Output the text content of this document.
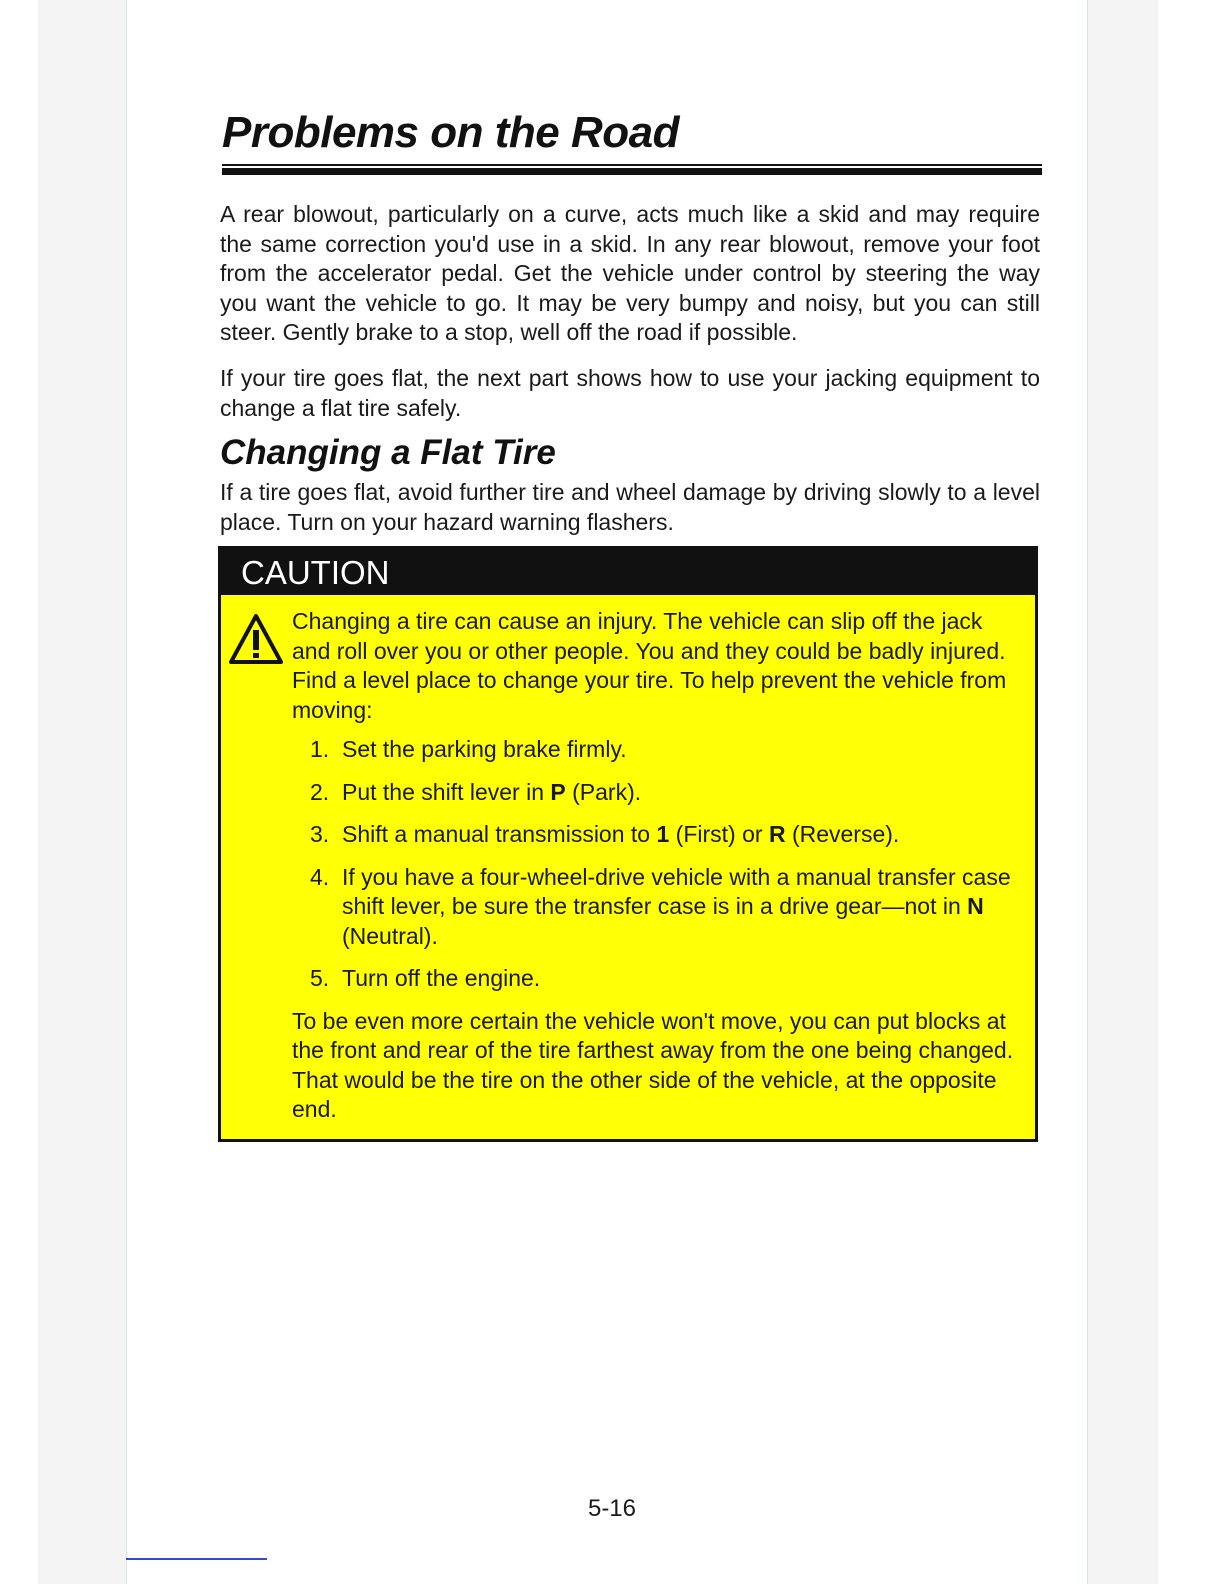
Problems on the Road

A rear blowout, particularly on a curve, acts much like a skid and may require the same correction you'd use in a skid. In any rear blowout, remove your foot from the accelerator pedal. Get the vehicle under control by steering the way you want the vehicle to go. It may be very bumpy and noisy, but you can still steer. Gently brake to a stop, well off the road if possible.

If your tire goes flat, the next part shows how to use your jacking equipment to change a flat tire safely.

Changing a Flat Tire

If a tire goes flat, avoid further tire and wheel damage by driving slowly to a level place. Turn on your hazard warning flashers.

CAUTION

Changing a tire can cause an injury. The vehicle can slip off the jack and roll over you or other people. You and they could be badly injured. Find a level place to change your tire. To help prevent the vehicle from moving:

1. Set the parking brake firmly.
2. Put the shift lever in P (Park).
3. Shift a manual transmission to 1 (First) or R (Reverse).
4. If you have a four-wheel-drive vehicle with a manual transfer case shift lever, be sure the transfer case is in a drive gear—not in N (Neutral).
5. Turn off the engine.

To be even more certain the vehicle won't move, you can put blocks at the front and rear of the tire farthest away from the one being changed. That would be the tire on the other side of the vehicle, at the opposite end.

5-16
